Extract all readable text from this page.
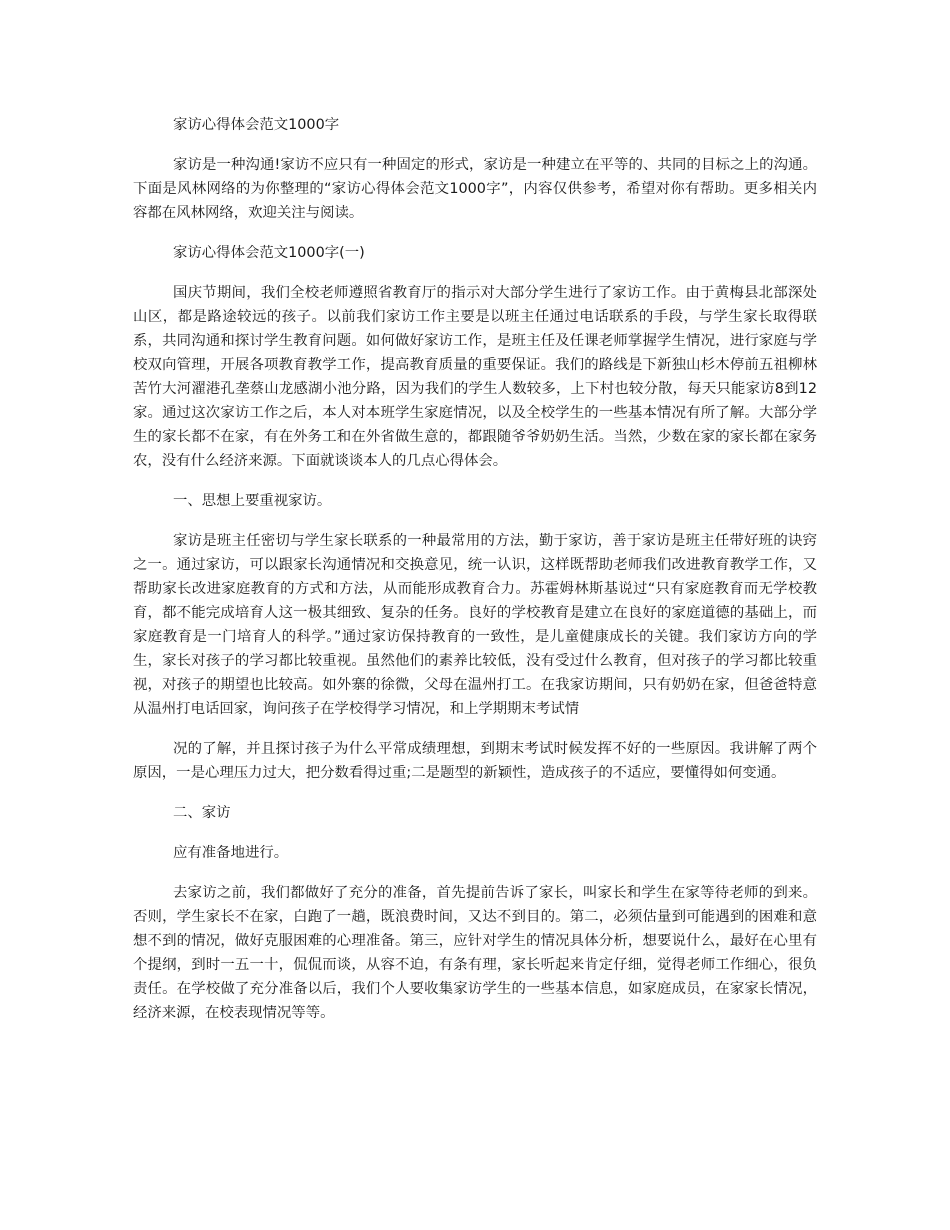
家访心得体会范文1000字

家访是一种沟通!家访不应只有一种固定的形式，家访是一种建立在平等的、共同的目标之上的沟通。下面是风林网络的为你整理的“家访心得体会范文1000字”，内容仅供参考，希望对你有帮助。更多相关内容都在风林网络，欢迎关注与阅读。

家访心得体会范文1000字(一)

国庆节期间，我们全校老师遵照省教育厅的指示对大部分学生进行了家访工作。由于黄梅县北部深处山区，都是路途较远的孩子。以前我们家访工作主要是以班主任通过电话联系的手段，与学生家长取得联系，共同沟通和探讨学生教育问题。如何做好家访工作，是班主任及任课老师掌握学生情况，进行家庭与学校双向管理，开展各项教育教学工作，提高教育质量的重要保证。我们的路线是下新独山杉木停前五祖柳林苦竹大河濯港孔垄蔡山龙感湖小池分路，因为我们的学生人数较多，上下村也较分散，每天只能家访8到12家。通过这次家访工作之后，本人对本班学生家庭情况，以及全校学生的一些基本情况有所了解。大部分学生的家长都不在家，有在外务工和在外省做生意的，都跟随爷爷奶奶生活。当然，少数在家的家长都在家务农，没有什么经济来源。下面就谈谈本人的几点心得体会。

一、思想上要重视家访。

家访是班主任密切与学生家长联系的一种最常用的方法，勤于家访，善于家访是班主任带好班的诀窍之一。通过家访，可以跟家长沟通情况和交换意见，统一认识，这样既帮助老师我们改进教育教学工作，又帮助家长改进家庭教育的方式和方法，从而能形成教育合力。苏霍姆林斯基说过“只有家庭教育而无学校教育，都不能完成培育人这一极其细致、复杂的任务。良好的学校教育是建立在良好的家庭道德的基础上，而家庭教育是一门培育人的科学。”通过家访保持教育的一致性，是儿童健康成长的关键。我们家访方向的学生，家长对孩子的学习都比较重视。虽然他们的素养比较低，没有受过什么教育，但对孩子的学习都比较重视，对孩子的期望也比较高。如外寨的徐微，父母在温州打工。在我家访期间，只有奶奶在家，但爸爸特意从温州打电话回家，询问孩子在学校得学习情况，和上学期期末考试情

况的了解，并且探讨孩子为什么平常成绩理想，到期末考试时候发挥不好的一些原因。我讲解了两个原因，一是心理压力过大，把分数看得过重;二是题型的新颖性，造成孩子的不适应，要懂得如何变通。

二、家访

应有准备地进行。

去家访之前，我们都做好了充分的准备，首先提前告诉了家长，叫家长和学生在家等待老师的到来。否则，学生家长不在家，白跑了一趟，既浪费时间，又达不到目的。第二，必须估量到可能遇到的困难和意想不到的情况，做好克服困难的心理准备。第三，应针对学生的情况具体分析，想要说什么，最好在心里有个提纲，到时一五一十，侃侃而谈，从容不迫，有条有理，家长听起来肯定仔细，觉得老师工作细心，很负责任。在学校做了充分准备以后，我们个人要收集家访学生的一些基本信息，如家庭成员，在家家长情况，经济来源，在校表现情况等等。
